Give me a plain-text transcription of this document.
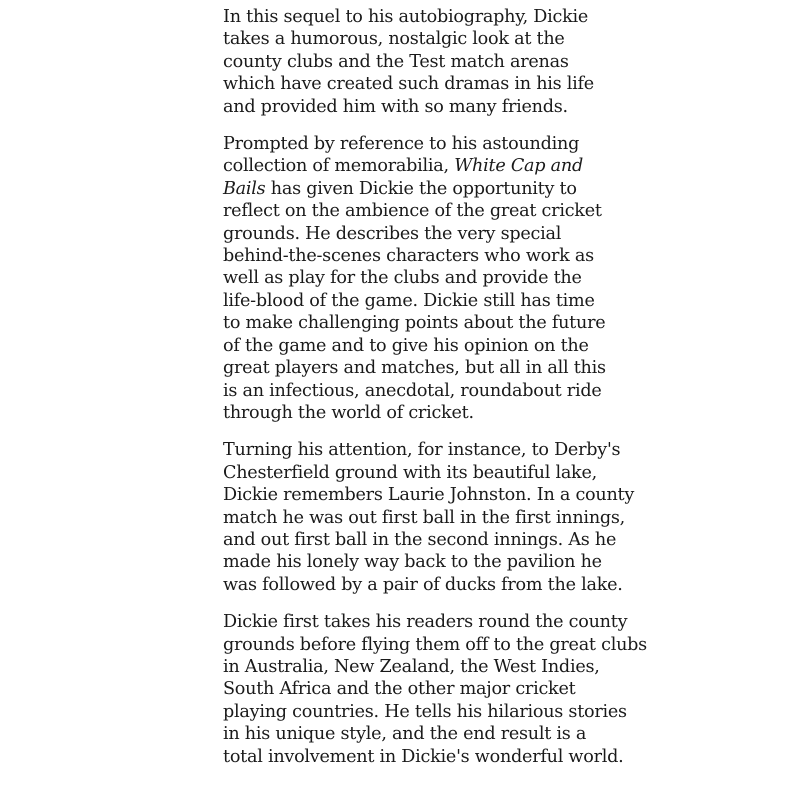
In this sequel to his autobiography, Dickie
takes a humorous, nostalgic look at the
county clubs and the Test match arenas
which have created such dramas in his life
and provided him with so many friends.

Prompted by reference to his astounding
collection of memorabilia, White Cap and
Bails has given Dickie the opportunity to
reflect on the ambience of the great cricket
grounds. He describes the very special
behind-the-scenes characters who work as
well as play for the clubs and provide the
life-blood of the game. Dickie still has time
to make challenging points about the future
of the game and to give his opinion on the
great players and matches, but all in all this
is an infectious, anecdotal, roundabout ride
through the world of cricket.

Turning his attention, for instance, to Derby's
Chesterfield ground with its beautiful lake,
Dickie remembers Laurie Johnston. In a county
match he was out first ball in the first innings,
and out first ball in the second innings. As he
made his lonely way back to the pavilion he
was followed by a pair of ducks from the lake.

Dickie first takes his readers round the county
grounds before flying them off to the great clubs
in Australia, New Zealand, the West Indies,
South Africa and the other major cricket
playing countries. He tells his hilarious stories
in his unique style, and the end result is a
total involvement in Dickie's wonderful world.
